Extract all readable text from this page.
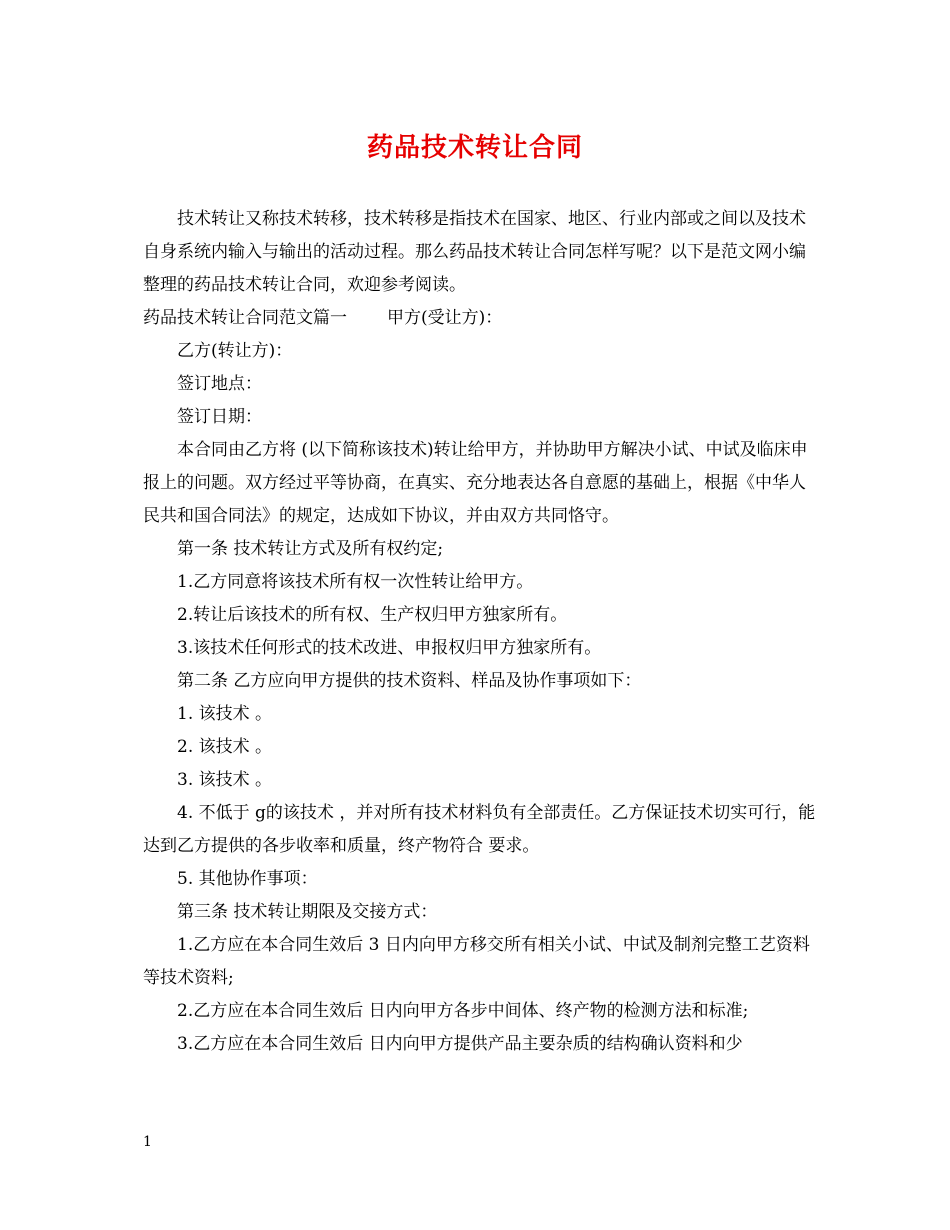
药品技术转让合同

技术转让又称技术转移，技术转移是指技术在国家、地区、行业内部或之间以及技术自身系统内输入与输出的活动过程。那么药品技术转让合同怎样写呢？以下是范文网小编整理的药品技术转让合同，欢迎参考阅读。

药品技术转让合同范文篇一 甲方(受让方)：

乙方(转让方)：

签订地点：

签订日期：

本合同由乙方将 (以下简称该技术)转让给甲方，并协助甲方解决小试、中试及临床申报上的问题。双方经过平等协商，在真实、充分地表达各自意愿的基础上，根据《中华人民共和国合同法》的规定，达成如下协议，并由双方共同恪守。

第一条 技术转让方式及所有权约定;

1.乙方同意将该技术所有权一次性转让给甲方。

2.转让后该技术的所有权、生产权归甲方独家所有。

3.该技术任何形式的技术改进、申报权归甲方独家所有。

第二条 乙方应向甲方提供的技术资料、样品及协作事项如下：

1. 该技术 。

2. 该技术 。

3. 该技术 。

4. 不低于 g的该技术 ，并对所有技术材料负有全部责任。乙方保证技术切实可行，能达到乙方提供的各步收率和质量，终产物符合 要求。

5. 其他协作事项：

第三条 技术转让期限及交接方式：

1.乙方应在本合同生效后 3 日内向甲方移交所有相关小试、中试及制剂完整工艺资料等技术资料;

2.乙方应在本合同生效后 日内向甲方各步中间体、终产物的检测方法和标准;

3.乙方应在本合同生效后 日内向甲方提供产品主要杂质的结构确认资料和少

1
